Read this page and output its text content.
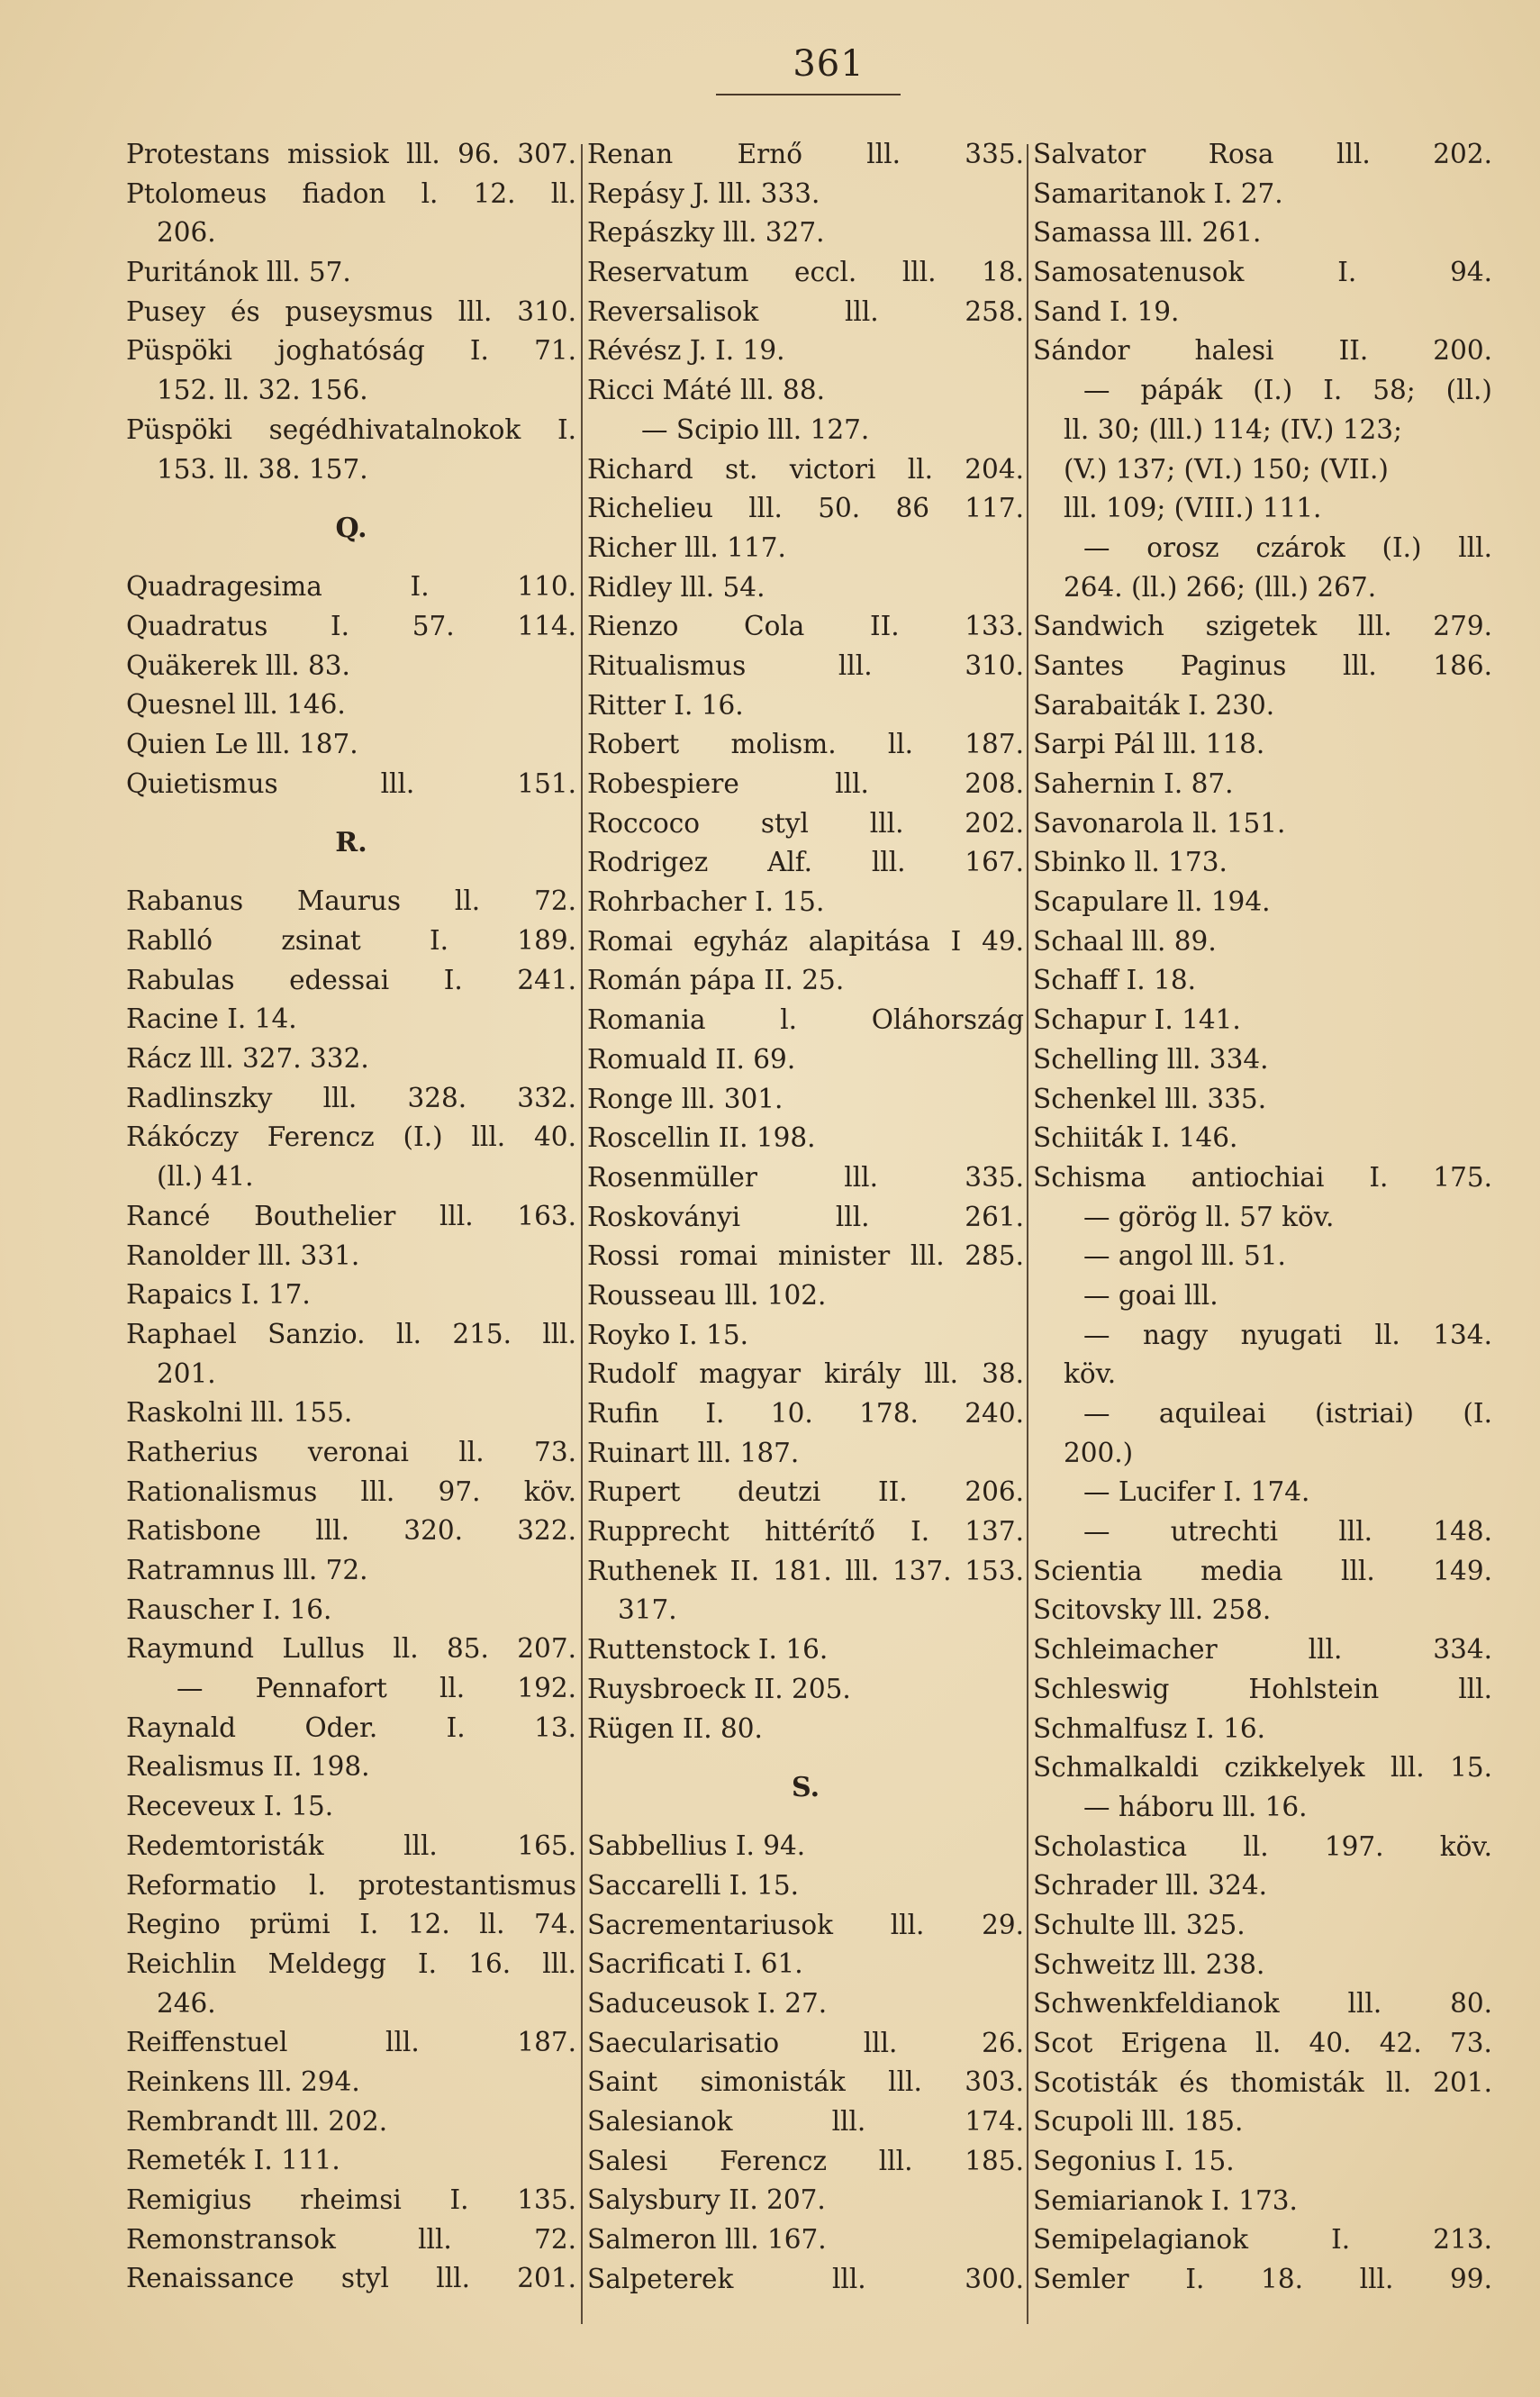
361
Protestans missiok lll. 96. 307.
Ptolomeus fiadon l. 12. ll.
206.
Puritánok lll. 57.
Pusey és puseysmus lll. 310.
Püspöki joghatóság I. 71.
152. ll. 32. 156.
Püspöki segédhivatalnokok I.
153. ll. 38. 157.
Q.
Quadragesima	I.	110.
Quadratus I. 57. 114.
Quäkerek lll. 83.
Quesnel lll. 146.
Quien Le lll. 187.
Quietismus	lll.	151.
R.
Rabanus Maurus ll. 72.
Rablló	zsinat	I.	189.
Rabulas edessai I. 241.
Racine I. 14.
Rácz lll. 327. 332.
Radlinszky lll. 328. 332.
Rákóczy Ferencz (I.) lll. 40.
(ll.) 41.
Rancé Bouthelier lll. 163.
Ranolder lll. 331.
Rapaics I. 17.
Raphael Sanzio. ll. 215. lll.
201.
Raskolni lll. 155.
Ratherius veronai ll. 73.
Rationalismus lll. 97. köv.
Ratisbone lll. 320. 322.
Ratramnus lll. 72.
Rauscher I. 16.
Raymund Lullus ll. 85. 207.
— Pennafort ll. 192.
Raynald	Oder.	I.	13.
Realismus II. 198.
Receveux I. 15.
Redemtoristák	lll.	165.
Reformatio l. protestantismus
Regino prümi I. 12. ll. 74.
Reichlin Meldegg I. 16. lll.
246.
Reiffenstuel	lll.	187.
Reinkens lll. 294.
Rembrandt lll. 202.
Remeték I. 111.
Remigius rheimsi I. 135.
Remonstransok	lll.	72.
Renaissance styl lll. 201.
Renan Ernő lll. 335.
Repásy J. lll. 333.
Repászky lll. 327.
Reservatum eccl. lll. 18.
Reversalisok	lll.	258.
Révész J. I. 19.
Ricci Máté lll. 88.
— Scipio lll. 127.
Richard st. victori ll. 204.
Richelieu lll. 50. 86 117.
Richer lll. 117.
Ridley lll. 54.
Rienzo Cola II. 133.
Ritualismus	lll.	310.
Ritter I. 16.
Robert molism. ll. 187.
Robespiere	lll.	208.
Roccoco styl lll. 202.
Rodrigez Alf. lll. 167.
Rohrbacher I. 15.
Romai egyház alapitása I 49.
Román pápa II. 25.
Romania	l.	Oláhország
Romuald II. 69.
Ronge lll. 301.
Roscellin II. 198.
Rosenmüller	lll.	335.
Roskoványi	lll.	261.
Rossi romai minister lll. 285.
Rousseau lll. 102.
Royko I. 15.
Rudolf magyar király lll. 38.
Rufin I. 10. 178. 240.
Ruinart lll. 187.
Rupert deutzi II. 206.
Rupprecht hittérítő I. 137.
Ruthenek II. 181. lll. 137. 153.
317.
Ruttenstock I. 16.
Ruysbroeck II. 205.
Rügen II. 80.
S.
Sabbellius I. 94.
Saccarelli I. 15.
Sacrementariusok lll. 29.
Sacrificati I. 61.
Saduceusok I. 27.
Saecularisatio	lll.	26.
Saint simonisták lll. 303.
Salesianok	lll.	174.
Salesi Ferencz lll. 185.
Salysbury II. 207.
Salmeron lll. 167.
Salpeterek	lll.	300.
Salvator Rosa lll. 202.
Samaritanok I. 27.
Samassa lll. 261.
Samosatenusok	I.	94.
Sand I. 19.
Sándor halesi II. 200.
— pápák (I.) I. 58; (ll.)
ll. 30; (lll.) 114; (IV.) 123;
(V.) 137; (VI.) 150; (VII.)
lll. 109; (VIII.) 111.
— orosz czárok (I.) lll.
264. (ll.) 266; (lll.) 267.
Sandwich szigetek lll. 279.
Santes Paginus lll. 186.
Sarabaiták I. 230.
Sarpi Pál lll. 118.
Sahernin I. 87.
Savonarola ll. 151.
Sbinko ll. 173.
Scapulare ll. 194.
Schaal lll. 89.
Schaff I. 18.
Schapur I. 141.
Schelling lll. 334.
Schenkel lll. 335.
Schiiták I. 146.
Schisma antiochiai I. 175.
— görög ll. 57 köv.
— angol lll. 51.
— goai lll.
— nagy nyugati ll. 134.
köv.
— aquileai (istriai) (I.
200.)
— Lucifer I. 174.
— utrechti lll. 148.
Scientia media lll. 149.
Scitovsky lll. 258.
Schleimacher	lll.	334.
Schleswig	Hohlstein	lll.
Schmalfusz I. 16.
Schmalkaldi czikkelyek lll. 15.
— háboru lll. 16.
Scholastica ll. 197. köv.
Schrader lll. 324.
Schulte lll. 325.
Schweitz lll. 238.
Schwenkfeldianok	lll.	80.
Scot Erigena ll. 40. 42. 73.
Scotisták és thomisták ll. 201.
Scupoli lll. 185.
Segonius I. 15.
Semiarianok I. 173.
Semipelagianok	I.	213.
Semler I. 18. lll. 99.
